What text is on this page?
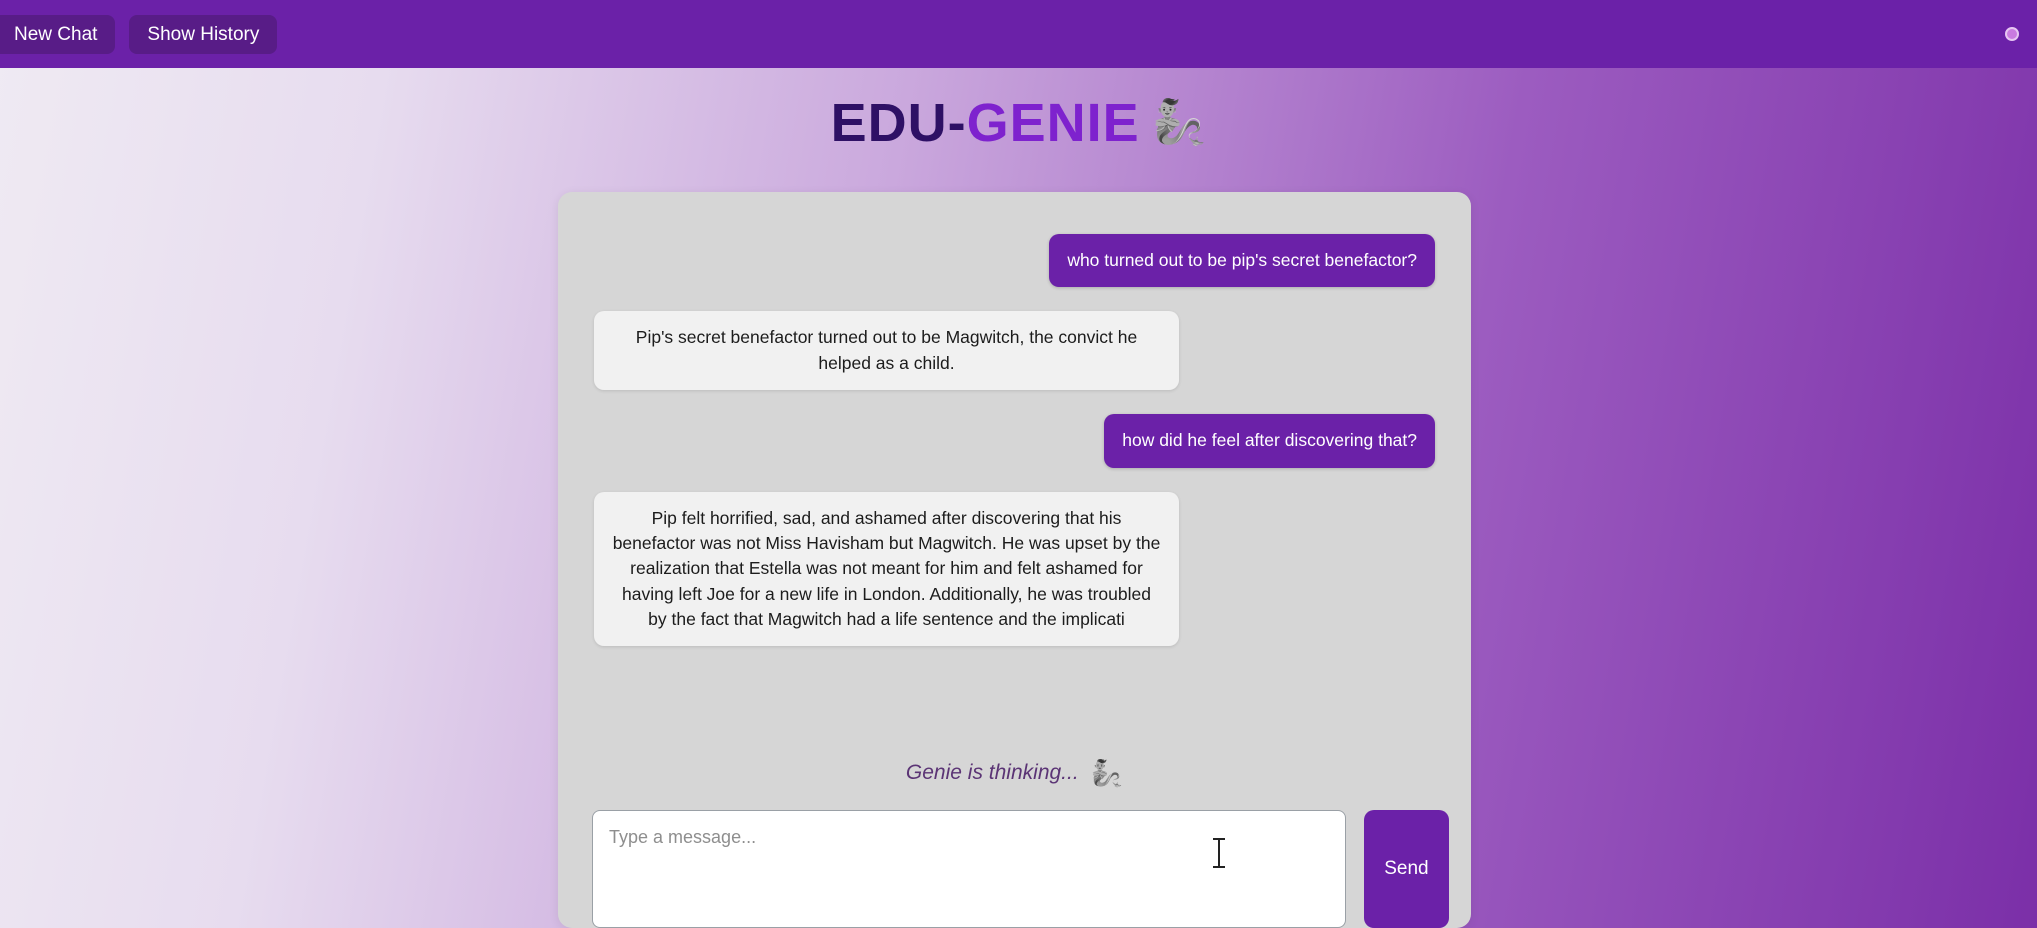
New Chat	Show History
EDU-GENIE 🧞
who turned out to be pip's secret benefactor?
Pip's secret benefactor turned out to be Magwitch, the convict he helped as a child.
how did he feel after discovering that?
Pip felt horrified, sad, and ashamed after discovering that his benefactor was not Miss Havisham but Magwitch. He was upset by the realization that Estella was not meant for him and felt ashamed for having left Joe for a new life in London. Additionally, he was troubled by the fact that Magwitch had a life sentence and the implicati
Genie is thinking... 🧞
Type a message...
Send
مستقل
mostaql.com
